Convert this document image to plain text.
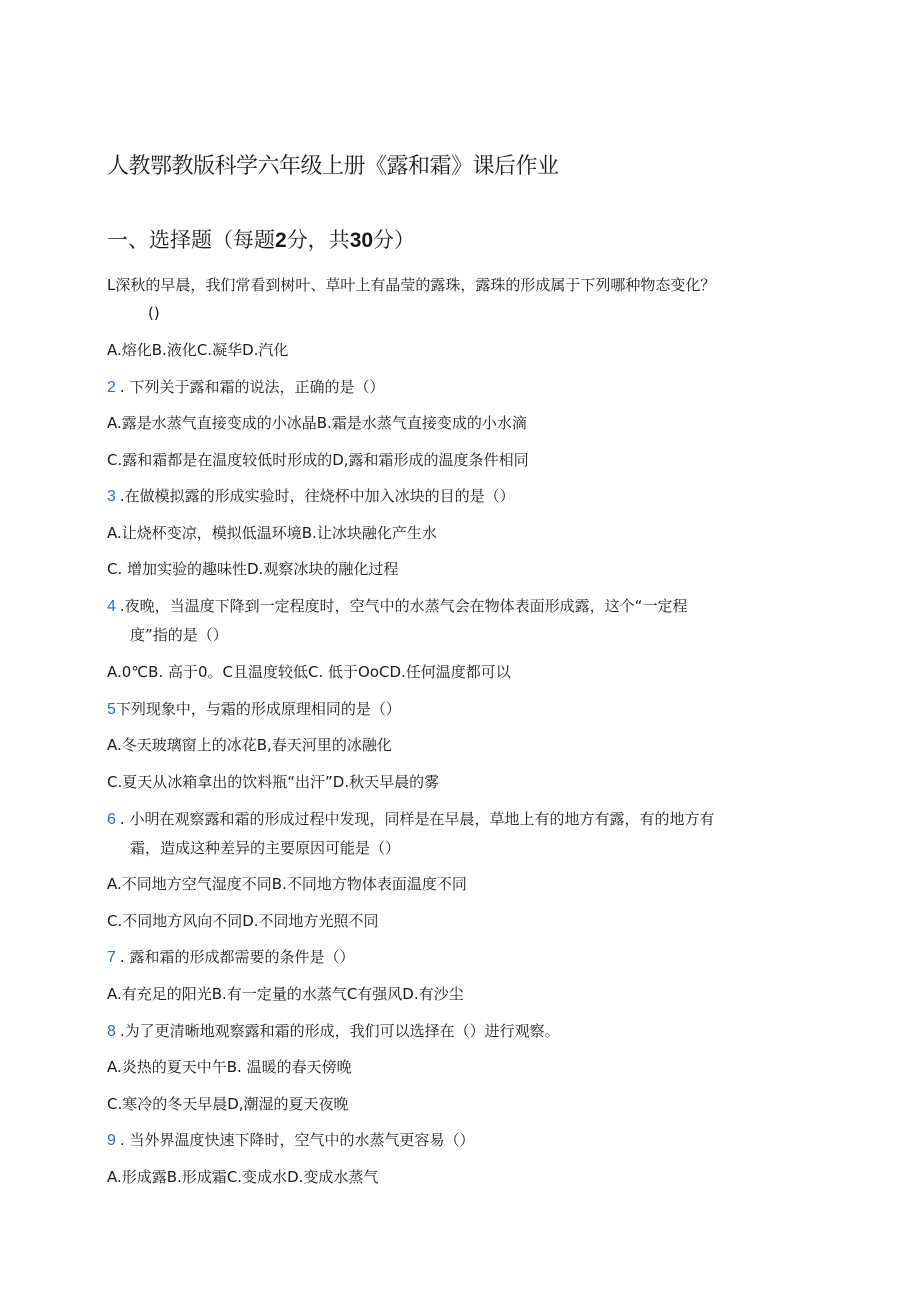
人教鄂教版科学六年级上册《露和霜》课后作业
一、选择题（每题2分，共30分）
L深秋的早晨，我们常看到树叶、草叶上有晶莹的露珠，露珠的形成属于下列哪种物态变化？
()
A.熔化B.液化C.凝华D.汽化
2 . 下列关于露和霜的说法，正确的是（）
A.露是水蒸气直接变成的小冰晶B.霜是水蒸气直接变成的小水滴
C.露和霜都是在温度较低时形成的D,露和霜形成的温度条件相同
3 .在做模拟露的形成实验时，往烧杯中加入冰块的目的是（）
A.让烧杯变凉，模拟低温环境B.让冰块融化产生水
C. 增加实验的趣味性D.观察冰块的融化过程
4 .夜晚，当温度下降到一定程度时，空气中的水蒸气会在物体表面形成露，这个“一定程
度”指的是（）
A.0℃B. 高于0。C且温度较低C. 低于OoCD.任何温度都可以
5下列现象中，与霜的形成原理相同的是（）
A.冬天玻璃窗上的冰花B,春天河里的冰融化
C.夏天从冰箱拿出的饮料瓶“出汗”D.秋天早晨的雾
6 . 小明在观察露和霜的形成过程中发现，同样是在早晨，草地上有的地方有露，有的地方有
霜，造成这种差异的主要原因可能是（）
A.不同地方空气湿度不同B.不同地方物体表面温度不同
C.不同地方风向不同D.不同地方光照不同
7 . 露和霜的形成都需要的条件是（）
A.有充足的阳光B.有一定量的水蒸气C有强风D.有沙尘
8 .为了更清晰地观察露和霜的形成，我们可以选择在（）进行观察。
A.炎热的夏天中午B. 温暖的春天傍晚
C.寒冷的冬天早晨D,潮湿的夏天夜晚
9 . 当外界温度快速下降时，空气中的水蒸气更容易（）
A.形成露B.形成霜C.变成水D.变成水蒸气
